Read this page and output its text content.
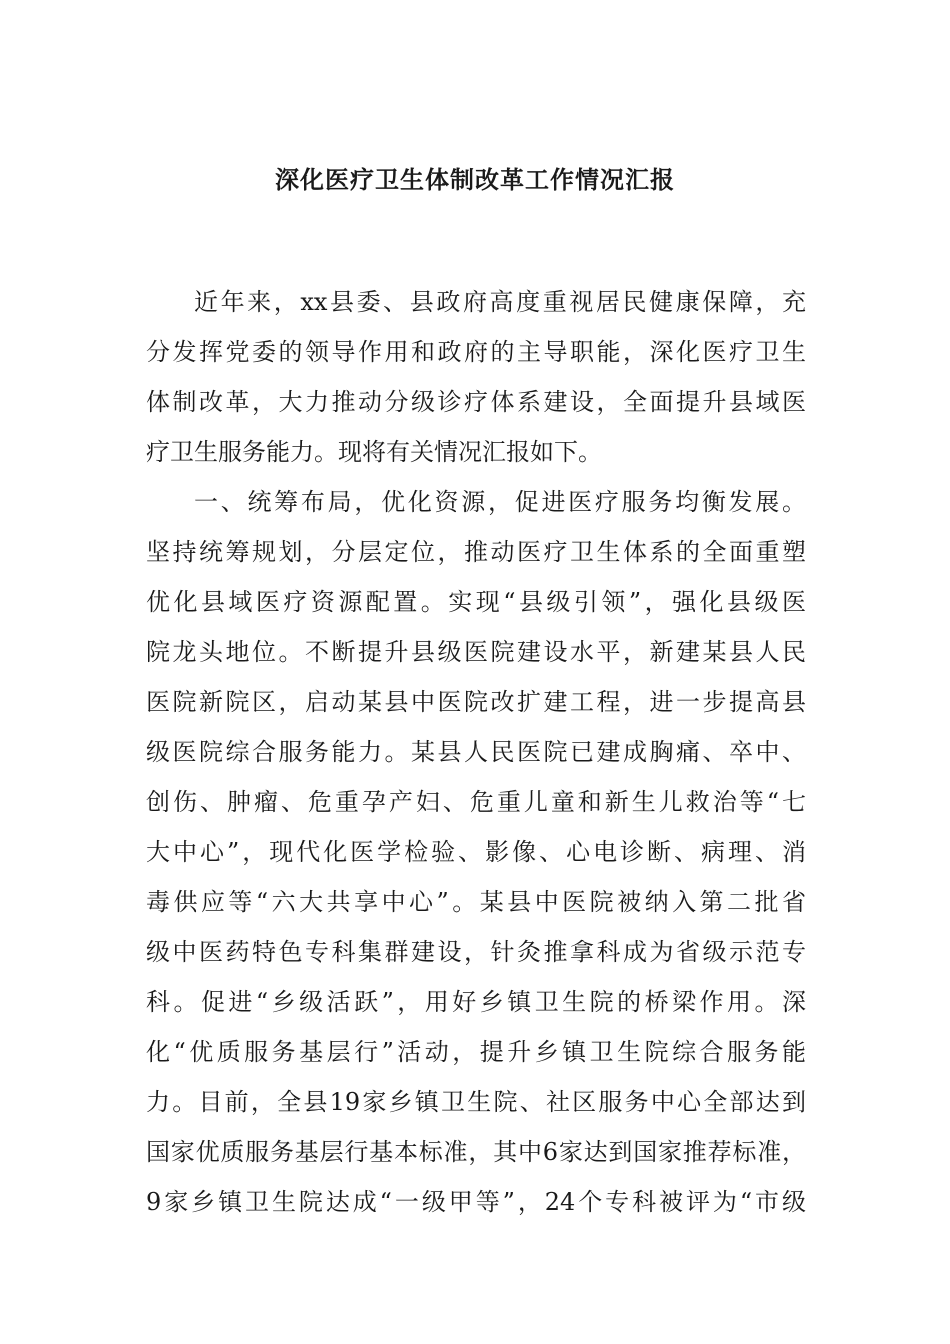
深化医疗卫生体制改革工作情况汇报
近年来，xx县委、县政府高度重视居民健康保障，充
分发挥党委的领导作用和政府的主导职能，深化医疗卫生
体制改革，大力推动分级诊疗体系建设，全面提升县域医
疗卫生服务能力。现将有关情况汇报如下。
一、统筹布局，优化资源，促进医疗服务均衡发展。
坚持统筹规划，分层定位，推动医疗卫生体系的全面重塑
优化县域医疗资源配置。实现“县级引领”，强化县级医
院龙头地位。不断提升县级医院建设水平，新建某县人民
医院新院区，启动某县中医院改扩建工程，进一步提高县
级医院综合服务能力。某县人民医院已建成胸痛、卒中、
创伤、肿瘤、危重孕产妇、危重儿童和新生儿救治等“七
大中心”，现代化医学检验、影像、心电诊断、病理、消
毒供应等“六大共享中心”。某县中医院被纳入第二批省
级中医药特色专科集群建设，针灸推拿科成为省级示范专
科。促进“乡级活跃”，用好乡镇卫生院的桥梁作用。深
化“优质服务基层行”活动，提升乡镇卫生院综合服务能
力。目前，全县19家乡镇卫生院、社区服务中心全部达到
国家优质服务基层行基本标准，其中6家达到国家推荐标准，
9家乡镇卫生院达成“一级甲等”，24个专科被评为“市级
